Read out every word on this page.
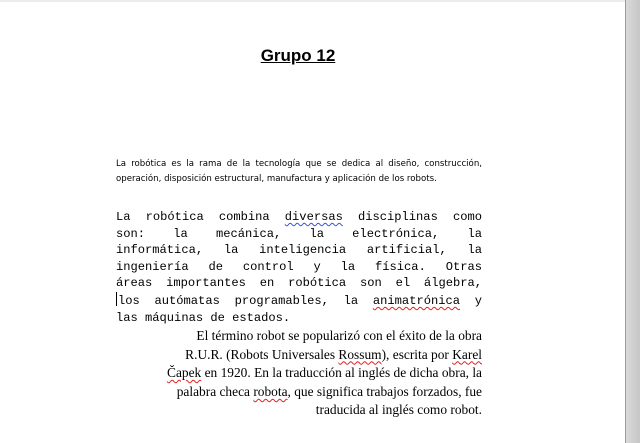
Grupo 12
La robótica es la rama de la tecnología que se dedica al diseño, construcción, operación, disposición estructural, manufactura y aplicación de los robots.
La robótica combina diversas disciplinas como
son: la mecánica, la electrónica, la
informática, la inteligencia artificial, la
ingeniería de control y la física. Otras
áreas importantes en robótica son el álgebra,
los autómatas programables, la animatrónica y
las máquinas de estados.
El término robot se popularizó con el éxito de la obra
R.U.R. (Robots Universales Rossum), escrita por Karel
Čapek en 1920. En la traducción al inglés de dicha obra, la
palabra checa robota, que significa trabajos forzados, fue
traducida al inglés como robot.
